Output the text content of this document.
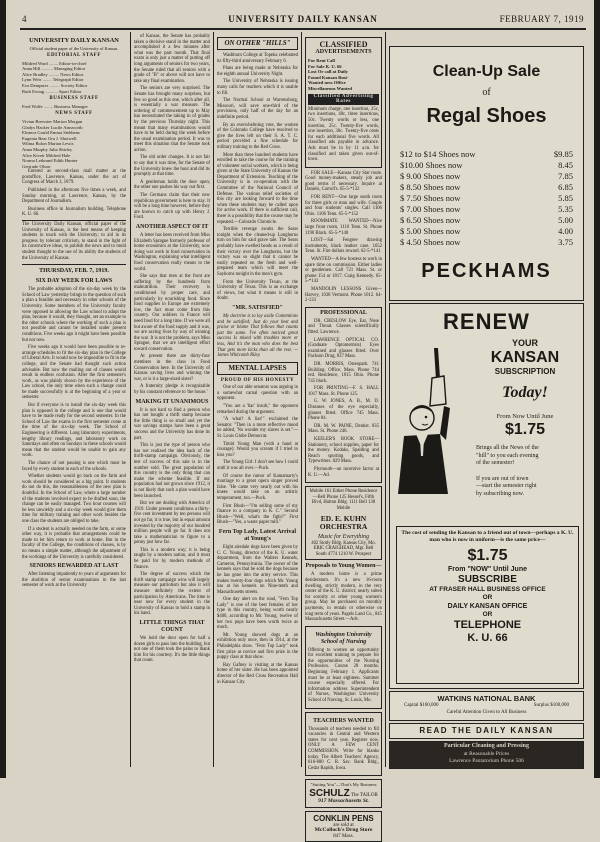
4	UNIVERSITY DAILY KANSAN	FEBRUARY 7, 1919
UNIVERSITY DAILY KANSAN
Official student paper of the University of Kansas.
EDITORIAL STAFF
Mildred Ward ........ Editor-in-chief
Anna Hill .......... Managing Editor
Alice Bradley ......... News Editor
Lynn Weir ........ Telegraph Editor
Eva Dempster ......... Society Editor
Ruth Ewing ........... Sport Editor
BUSINESS STAFF
Fred Wolfe ........ Business Manager
NEWS STAFF
Vivian Brewster Marion Morgan
Gladys Hacker Lucile Ainsworth
Eleanor Gould Emma Stehbens
Eugenia Rear Ora J. Shotwell
Wilma Bolon Marian Lewis
Anna Murphy Julia Shirley
Alice Kivett Mildred Hale
Norma Leibrand Edith Hunter
Gertrude Olson

Entered as second-class mail matter at the postoffice, Lawrence, Kansas, under the act of Congress of March 3, 1879.

Published in the afternoon five times a week, and Sunday morning, at Lawrence, Kansas, by the Department of Journalism.

Business office in Journalism building. Telephone K. U. 66.

The University Daily Kansan, official paper of the University of Kansas, is the best means of keeping students in touch with the University; to aid in its progress by tolerant criticism, to stand in the light of its constructive ideas, to publish the news and to mold student thought to the use of its ability the students of the University of Kansas.

THURSDAY, FEB. 7, 1919.
SIX DAY WEEK FOR LAWS

The probable adoption of the six-day week by the School of Law yesterday brings to the question of such a plan a feasible and necessary in other schools of the University. Some members of the University faculty were opposed to allowing the Law school to adopt the plan, because it would, they thought, set an example to the other schools where the working of such a plan is not possible and cannot be installed under present conditions. Five weeks ago it might have been possible but not now.

Five weeks ago it would have been possible to re-arrange schedules to fit the six-day plan in the College of Liberal Arts. It would now be impossible to fit in the college, and the Senate had thought such action advisable. But now the mailing out of classes would result in endless confusion. After the first semester's work, as was plainly shown by the experience of the Law school, the only time when such a change could be made successfully is at the beginning of a year or semester.

But if everyone is to install the six-day week this plan is opposed in the college and is one that would have to be made ready for the second semester. In the School of Law the exams in the first semester come at the time of the six-day week. The School of Engineering is different. Long laboratory experiments, lengthy library readings, and laboratory work on Saturdays and often on Sundays in these schools would mean that the student would be unable to gain any work.

The chance of not passing is one which must be faced by every student in each of the schools.

Whether students would go back on the farm and work should be considered as a big point. It students do not do this, the reasonableness of the new plan is doubtful. In the School of Law, where a large number of the students involved expect to be drafted soon, the change can be easily managed. Two hour courses will be less unwieldy and a six-day week would give them time for military training and other work besides the one class the students are obliged to take.

If a student is actually needed on the farm, or some other way, it is probable that arrangements could be made to let him return to work at home. But in the faculty of the College, the conditions of classes, is by no means a simple matter, although the adjustment of the workings of the University is carefully considered.

SENIORS REWARDED AT LAST

After listening impatiently to years of arguments for the abolition of senior examinations in the last semester of work at the University

of Kansas, the Senate has probably taken a decisive stand in the matter and accomplished it a few minutes after what was the past month. That final exam is only just a matter of putting off long arguments of seniors for two years, the Senate ruled that all seniors with a grade of "B" or above will not have to take any final examination.

The seniors are very surprised. The Senate has brought many surprises, but few so good as this one, which after all, is essentially a war measure. The ordering of commencement up to May has necessitated the taking in of grades by the previous Thursday night. This meant that many examinations would have to be held during the week before the usual examination period. It was to meet this situation that the Senate took action.

The old order changes. It is not fair to say that it was time, for the Senate of the University knew the hour and did its promptly at that time.

A gentleman holds the door open; the other one pushes his way out first.

The Germans claim that their new republican government is here to stay. It will be a long time however, before they are known to catch up with Henry J. Ford.

ANOTHER ASPECT OF IT

A letter has been received from Miss Elizabeth Sprague formerly professor of home economics at the University, now doing war work in food conservation in Washington, explaining what intelligent food conservation really means to the world.

She says that men at the front are suffering by the hundreds from malnutrition. Their recovery is conditioned by proper care, and particularly by nourishing food. Since food supplies in Europe are extremely low, the fact must come from this country. Our soldiers in France will need food for a long time. If we were all but aware of the food supply and it was, we are saving lives by way of winning the war. It is not the problem, says Miss Sprague, that we are intelligent effort toward conservation.

At present there are thirty-four members in the class in Food Conservation here. In the University of Kansas saving lives and winning the war, or is it a large-sized sister?

A fraternity pledge is recognizable by his constant reference to 'the house.'

MAKING IT UNANIMOUS

It is not hard to find a person who has not bought a thrift stamp because the little thing is so small and yet the war savings stamps have been a great success and the University has done its part.

This is just the type of person who has not realized the idea back of the thrift-stamp campaign. Obviously, the test of success of this sale is in the number sold. The great population of this country is the only thing that can make the scheme feasible. If our population had not grown since 1912, it is not likely that such a plan would have been launched.

But we are dealing with America of 1919. Under present conditions a thirty-five cent investment by ten persons will not go far, it is true, but in equal amount invested by the majority of our hundred million people will go far. It does not take a mathematician to figure to a penny just how far.

This is a modern way; it is being taught by a modern nation, and it must be paid for by modern methods of finance.

The degree of success which the thrift stamp campaign wins will largely measure our patriotism but also it will measure definitely the extent of participation by Americans. The time is near now for every student in the University of Kansas to hold a stamp in his hand.

LITTLE THINGS THAT COUNT

We hold the door open for half a dozen girls to pass into the building, but not one of them took the pains to thank him for his courtesy. It's the little things that count.

ON OTHER "HILLS"

Washburn College at Topeka celebrated its fifty-third anniversary February 6.

Plans are being made at Nebraska for the eighth annual University Night.

The University of Nebraska is issuing many calls for teachers which it is unable to fill.

The Normal School at Warrensburg, Missouri, will save one-third of the provisions, only half of the day for an indefinite period.

By an overwhelming vote, the women of the Colorado College have resolved to give the lives left on their S. A. T. C. period provided a fine schedule for military training to the Red Cross.

More than three hundred students have enrolled to take the course for the training of volunteer social workers, which is being given at the State University of Kansas the Department of Extension. Teaching of the University is in co-operation with the Committee of the National Council of Defense. The various relief societies of this city are looking forward to the time when these students may be called upon for active work. If there is sufficient call, there is a possibility that the course may be repeated.—Colorado Chronicle.

Terrible revenge awaits the Sears tonight when the cleaned-up Longhorns turn on him for said grave tale. The Sears probably have swelled heads as a result of their victory over the Longhorns, but the victory was so slight that it cannot be easily repeated on the fresh and well-prepared team which will meet the Sayhorns tonight in the men's gym.

From the University Texan, at the University of Texas. This is an exchange of views, but what it means is still in doubt.

"MR. SATISFIED"

My doctrine is to lay aside Contentions and be satisfied; Just do your best and praise or blame That follows that counts just the same. I've often noticed great success Is mixed with troubles more or less, And it's the man who does the best That gets more kicks than all the rest. —James Whitcomb Riley.

MENTAL LAPSES
PROUD OF HIS HONESTY

One of our able senators was arguing in a somewhat carnal question with an opponent.

"You are a 'liar' insult," the opponent remarked during the argument.

"A what? A liar!" exclaimed the Senator. "Then in a more reflective mood he added, 'No wonder my slaves is set."—St. Louis Globe Democrat.

Timid Young Man (with a hand at courage): Would you scream if I tried to kiss you?

The Young Girl: I don't see how I could until it was all over.—Puck.

Of course the rumor of Kamamarty's marriage to a great opera singer proved false. "He came very nearly out with his knees would take on an artistic temperament, too.—Puck.

First Blush—"I'm selling some of my finance to a company in K. C." Second Blush—"Well, what's the fight?" First Blush—"Yes, a waste paper mill."

Fern Top Lady, Latest Arrival at Young's

Eight airedale dogs have been given by C. C. Young, director of the K. U. water department, from the Walters Kennels, Cameron, Pennsylvania. The owner of the kennels says that he sold the dogs because he has gone into the army service. This makes twenty-four dogs which Mr. Young has at his kennels on Nine-tenth and Massachusetts streets.

One day alert on the road, "Fern Top Lady" is one of the best females of her type in this country, being worth nearly $400, according to Mr. Young, twelve of her two pups have been worth twice as much.

Mr. Young showed dogs at an exhibition only once, then in 1914, at the Philadelphia show. "Fern Top Lady" took first prize as novice and first prize in the puppy class at that show.

Ray Gafney is visiting at the Kansas home of her sister. He has been appointed director of the Red Cross Recreation Hall in Kansas City.

CLASSIFIED
ADVERTISEMENTS
For Rent Call
For Sale K. U. 66
Lost Or call at Daily
Found Kansan Busi-
Wanted ness Office
Miscellaneous Wanted
Classified Advertising Rates

Minimum charge, one insertion, 25c, two insertions, 40c, three insertions, 50c. Twenty words or less, one insertion, 25c. Twenty-five words, one insertion, 30c. Twenty-five cents for each additional five words. All classified ads payable in advance. Ads must be in by 11 a.m. for classified and taken given out-of-town.

FOR SALE—Kansas City Star route. Good money-makers, steady job and good terms if necessary. Inquire at Daniels, Carroll's. 65-5-*132

FOR RENT—One large south room for three girls or man and wife. Couple and four students' singles. Call 1106 Ohio. 1106 Tenn. 65-5-*152

ROOMMATE WANTED—Nice large front room, 1116 Tenn. St. Phone 1190 Black. 65-5-*140

LOST—Sal Fengree drawing instruments, black leather case. 1652 Tenn. St. Fire dollars reward. 62-5-*141

WANTED—A few hostess to work in spare time on commission. Either ladies or gentlemen. Call 721 Mass. St. or phone 154 or 1817. Craig Kennedy. 65-5-*143

MANDOLIN LESSONS Given—Harvey, 1038 Vermont. Phone 1012. 64-2-133

PROFESSIONAL

DR. CRESLOW Eye, Ear, Nose and Throat. Glasses scientifically fitted. Lawrence.

LAWRENCE OPTICAL CO. (Graduate Optometrists) Eyes examined and glasses fitted. Over Packson Drug, 837 Mass.

DR. MORRIS, Osteopath. 741 Building. Office, Mass. Phone 744 red. Residence, 1015 Ohio. Phone 745 black.

FOR PRINTING—F. S. HALL 1017 Mass. St. Phone 125.

G. W. JONES, A. B., M. D. Diseases of the eye especially, glasses fitted. Office 745 Mass. Phone 84.

DR. M. W. PAINE, Dentist. 835 Mass. St. Phone 246.

KEELER'S BOOK STORE—Stationery, school supplies, paper for the money. Kodaks, Spalding and Reach sporting goods, and Typewriters. 829 Mass.

Plymouth—an incentive factor at K. U.—Ad.

Mobile 161 Either Phone Residence—Bell Phone 125 Hessel's, Fifth Blvd, Hutton Bldg. 1111 Bell 138 Mobile
ED. E. KUHN ORCHESTRA
Music for Everything
402 Stotly Bldg. Kansas City, Mo.
ERIC CRAIGHEAD, Mgr. Bell South 4774 1210 W. Prospect
Proposals to Young Women—

A modern home is a prime desideratum. It's a new 16-room dwelling, strictly modern, in the very center of the K. U. district; nearly suited for sorority or other young women's group. May be purchased on monthly payments, in rentals or otherwise on long term of years. Pagels Land Co., 845 Massachusetts Street.—Adv.

Washington University School of Nursing

Offering to women an opportunity for excellent training to prepare for the opportunities of the Nursing Profession. Course 28 months. Beginning February 1. Applicants must be at least eighteen. Summer course especially offered. For information address Superintendent of Nurses, Washington University School of Nursing, St. Louis, Mo.

TEACHERS WANTED

Thousands of teachers needed to fill vacancies in Central and Western states for next year. Register now. ONLY A FEW CENT COMMISSION. Write for blanks today. The Albert Teachers' Agency, 616-680 C. R. Sav. Bank Bldg., Cedar Rapids, Iowa.

"Suiting You"—That's My Business
SCHULZ The TAILOR
917 Massachusetts St.
CONKLIN PENS
are sold at
McColloch's Drug Store
847 Mass.
Clean-Up Sale
of
Regal Shoes
$12 to $14 Shoes now	$9.85
$10.00 Shoes now	8.45
$ 9.00 Shoes now	7.85
$ 8.50 Shoes now	6.85
$ 7.50 Shoes now	5.85
$ 7.00 Shoes now	5.35
$ 6.50 Shoes now	5.00
$ 5.00 Shoes now	4.00
$ 4.50 Shoes now	3.75
PECKHAMS
RENEW
YOUR
KANSAN
SUBSCRIPTION
Today!
From Now Until June
$1.75
Brings all the News of the
"hill" to you each evening
of the semester!
If you are out of town
—start the semester right
by subscribing now.
The cost of sending the Kansan to a friend out of town—perhaps a K. U. man who is now in uniform—is the same price—
$1.75
From "NOW" Until June
SUBSCRIBE
AT FRASER HALL BUSINESS OFFICE
OR
DAILY KANSAN OFFICE
OR
TELEPHONE
K. U. 66
WATKINS NATIONAL BANK
Capital $100,000	Surplus $100,000
Careful Attention Given to All Business
READ THE DAILY KANSAN
Particular Cleaning and Pressing
at Reasonable Prices
Lawrence Pantatorium Phone 506
